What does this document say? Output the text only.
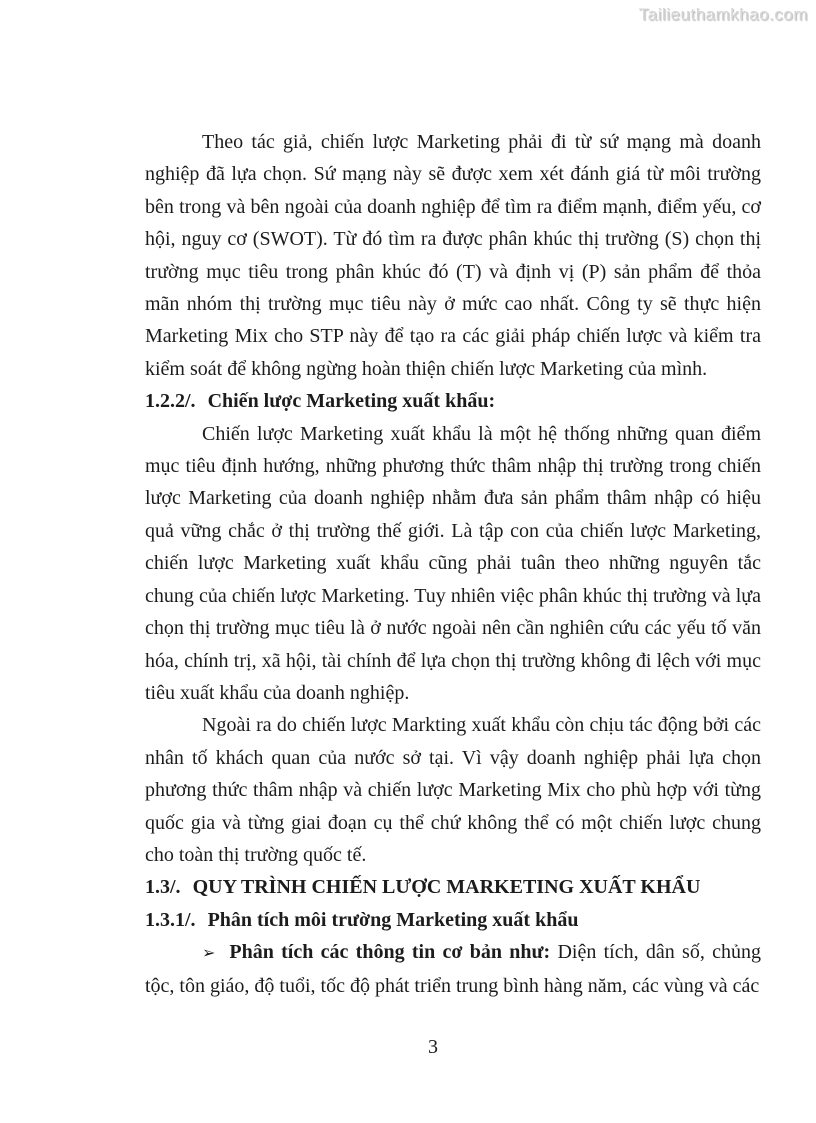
Tailieuthamkhao.com

Theo tác giả, chiến lược Marketing phải đi từ sứ mạng mà doanh nghiệp đã lựa chọn. Sứ mạng này sẽ được xem xét đánh giá từ môi trường bên trong và bên ngoài của doanh nghiệp để tìm ra điểm mạnh, điểm yếu, cơ hội, nguy cơ (SWOT). Từ đó tìm ra được phân khúc thị trường (S) chọn thị trường mục tiêu trong phân khúc đó (T) và định vị (P) sản phẩm để thỏa mãn nhóm thị trường mục tiêu này ở mức cao nhất. Công ty sẽ thực hiện Marketing Mix cho STP này để tạo ra các giải pháp chiến lược và kiểm tra kiểm soát để không ngừng hoàn thiện chiến lược Marketing của mình.

1.2.2/. Chiến lược Marketing xuất khẩu:

Chiến lược Marketing xuất khẩu là một hệ thống những quan điểm mục tiêu định hướng, những phương thức thâm nhập thị trường trong chiến lược Marketing của doanh nghiệp nhằm đưa sản phẩm thâm nhập có hiệu quả vững chắc ở thị trường thế giới. Là tập con của chiến lược Marketing, chiến lược Marketing xuất khẩu cũng phải tuân theo những nguyên tắc chung của chiến lược Marketing. Tuy nhiên việc phân khúc thị trường và lựa chọn thị trường mục tiêu là ở nước ngoài nên cần nghiên cứu các yếu tố văn hóa, chính trị, xã hội, tài chính để lựa chọn thị trường không đi lệch với mục tiêu xuất khẩu của doanh nghiệp.

Ngoài ra do chiến lược Markting xuất khẩu còn chịu tác động bởi các nhân tố khách quan của nước sở tại. Vì vậy doanh nghiệp phải lựa chọn phương thức thâm nhập và chiến lược Marketing Mix cho phù hợp với từng quốc gia và từng giai đoạn cụ thể chứ không thể có một chiến lược chung cho toàn thị trường quốc tế.

1.3/. QUY TRÌNH CHIẾN LƯỢC MARKETING XUẤT KHẨU

1.3.1/. Phân tích môi trường Marketing xuất khẩu

➢ Phân tích các thông tin cơ bản như: Diện tích, dân số, chủng tộc, tôn giáo, độ tuổi, tốc độ phát triển trung bình hàng năm, các vùng và các

3
